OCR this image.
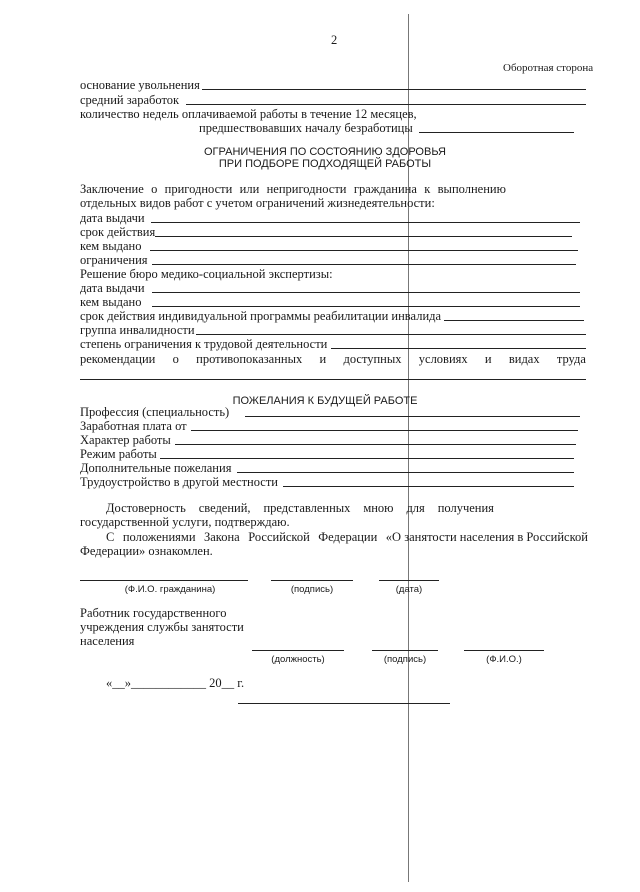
2
Оборотная сторона
основание увольнения
средний заработок
количество недель оплачиваемой работы в течение 12 месяцев,
предшествовавших началу безработицы
ОГРАНИЧЕНИЯ ПО СОСТОЯНИЮ ЗДОРОВЬЯ
ПРИ ПОДБОРЕ ПОДХОДЯЩЕЙ РАБОТЫ
Заключение о пригодности или непригодности гражданина к выполнению
отдельных видов работ с учетом ограничений жизнедеятельности:
дата выдачи
срок действия
кем выдано
ограничения
Решение бюро медико-социальной экспертизы:
дата выдачи
кем выдано
срок действия индивидуальной программы реабилитации инвалида
группа инвалидности
степень ограничения к трудовой деятельности
рекомендации о противопоказанных и доступных условиях и видах труда
ПОЖЕЛАНИЯ К БУДУЩЕЙ РАБОТЕ
Профессия (специальность)
Заработная плата от
Характер работы
Режим работы
Дополнительные пожелания
Трудоустройство в другой местности
Достоверность сведений, представленных мною для получения
государственной услуги, подтверждаю.
С положениями Закона Российской Федерации «О занятости населения в Российской
Федерации» ознакомлен.
(Ф.И.О. гражданина)	(подпись)	(дата)
Работник государственного
учреждения службы занятости
населения
(должность)	(подпись)	(Ф.И.О.)
«__»____________ 20__ г.
